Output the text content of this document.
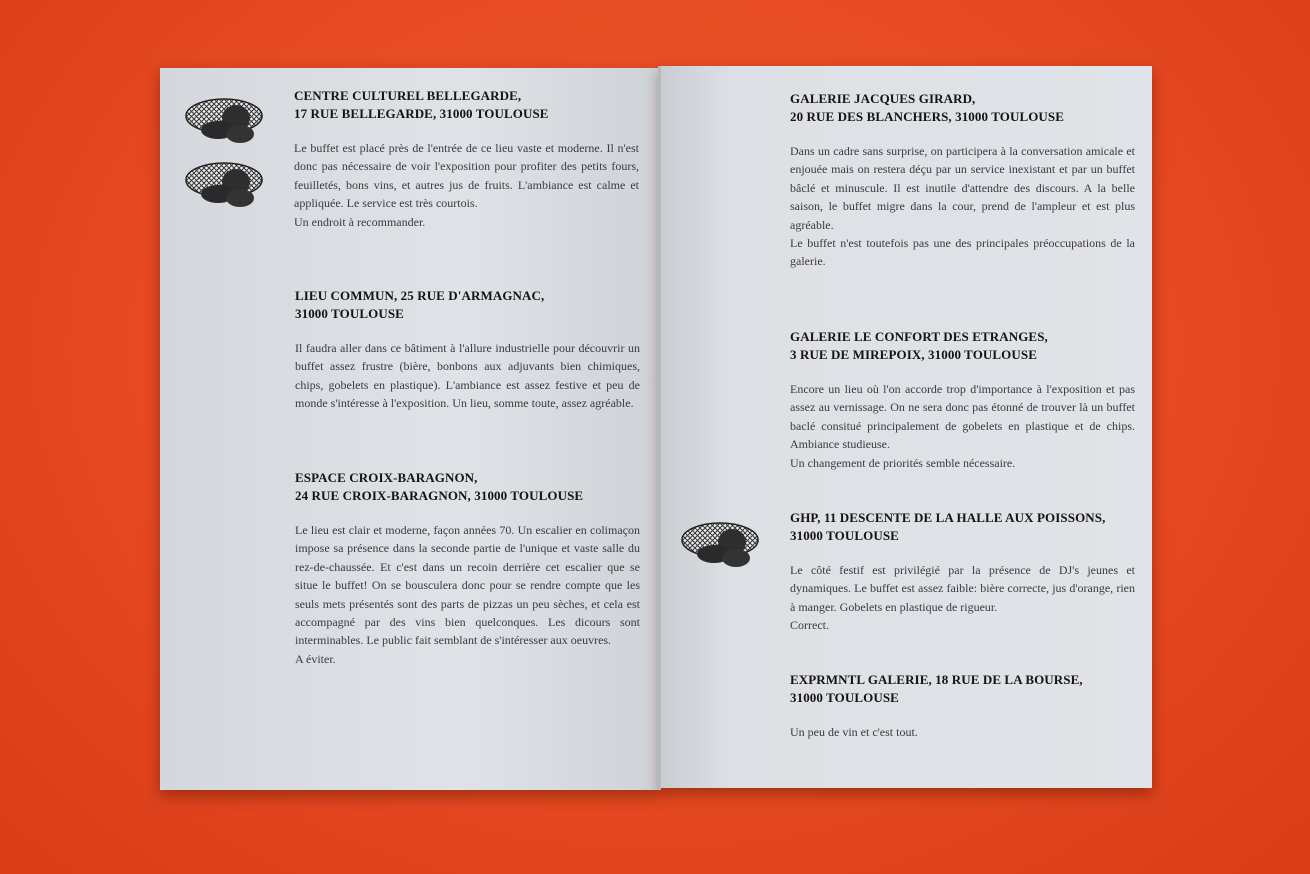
CENTRE CULTUREL BELLEGARDE,
17 RUE BELLEGARDE, 31000 TOULOUSE

Le buffet est placé près de l'entrée de ce lieu vaste et moderne. Il n'est donc pas nécessaire de voir l'exposition pour profiter des petits fours, feuilletés, bons vins, et autres jus de fruits. L'ambiance est calme et appliquée. Le service est très courtois.
Un endroit à recommander.

LIEU COMMUN, 25 RUE D'ARMAGNAC,
31000 TOULOUSE

Il faudra aller dans ce bâtiment à l'allure industrielle pour découvrir un buffet assez frustre (bière, bonbons aux adjuvants bien chimiques, chips, gobelets en plastique). L'ambiance est assez festive et peu de monde s'intéresse à l'exposition. Un lieu, somme toute, assez agréable.

ESPACE CROIX-BARAGNON,
24 RUE CROIX-BARAGNON, 31000 TOULOUSE

Le lieu est clair et moderne, façon années 70. Un escalier en colimaçon impose sa présence dans la seconde partie de l'unique et vaste salle du rez-de-chaussée. Et c'est dans un recoin derrière cet escalier que se situe le buffet! On se bousculera donc pour se rendre compte que les seuls mets présentés sont des parts de pizzas un peu sèches, et cela est accompagné par des vins bien quelconques. Les dicours sont interminables. Le public fait semblant de s'intéresser aux oeuvres.
A éviter.

GALERIE JACQUES GIRARD,
20 RUE DES BLANCHERS, 31000 TOULOUSE

Dans un cadre sans surprise, on participera à la conversation amicale et enjouée mais on restera déçu par un service inexistant et par un buffet bâclé et minuscule. Il est inutile d'attendre des discours. A la belle saison, le buffet migre dans la cour, prend de l'ampleur et est plus agréable.
Le buffet n'est toutefois pas une des principales préoccupations de la galerie.

GALERIE LE CONFORT DES ETRANGES,
3 RUE DE MIREPOIX, 31000 TOULOUSE

Encore un lieu où l'on accorde trop d'importance à l'exposition et pas assez au vernissage. On ne sera donc pas étonné de trouver là un buffet baclé consitué principalement de gobelets en plastique et de chips. Ambiance studieuse.
Un changement de priorités semble nécessaire.

GHP, 11 DESCENTE DE LA HALLE AUX POISSONS,
31000 TOULOUSE

Le côté festif est privilégié par la présence de DJ's jeunes et dynamiques. Le buffet est assez faible: bière correcte, jus d'orange, rien à manger. Gobelets en plastique de rigueur.
Correct.

EXPRMNTL GALERIE, 18 RUE DE LA BOURSE,
31000 TOULOUSE

Un peu de vin et c'est tout.
